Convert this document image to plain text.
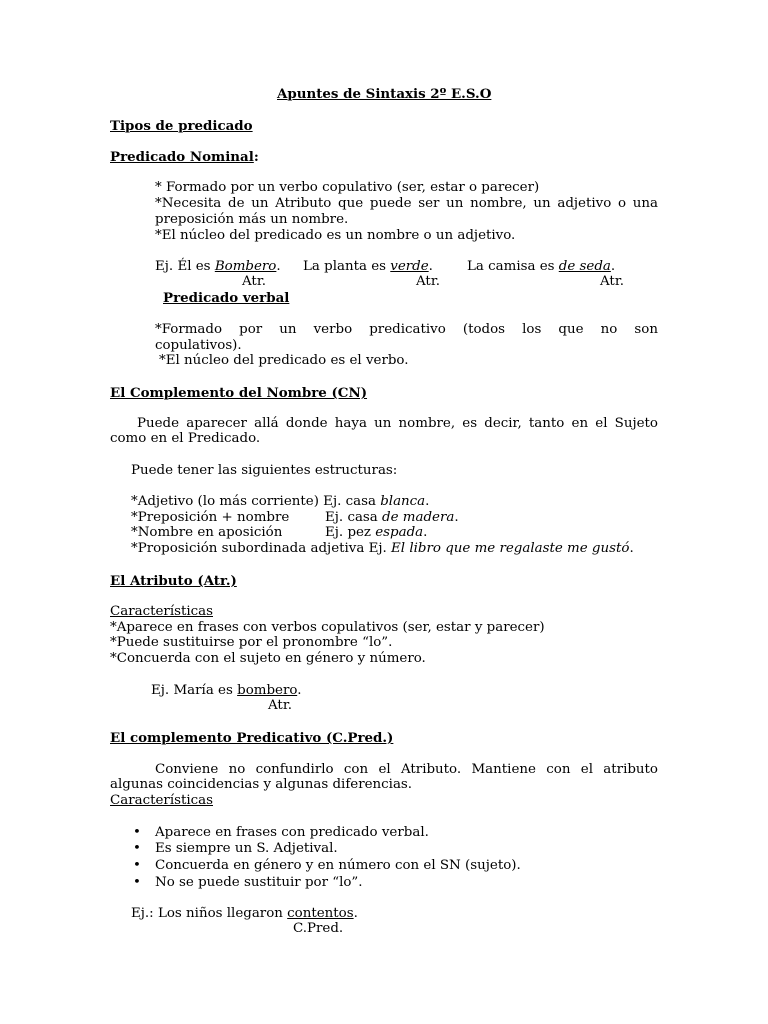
Apuntes de Sintaxis 2º E.S.O
Tipos de predicado
Predicado Nominal:
* Formado por un verbo copulativo (ser, estar o parecer)
*Necesita de un Atributo que puede ser un nombre, un adjetivo o una
preposición más un nombre.
*El núcleo del predicado es un nombre o un adjetivo.
Ej. Él es Bombero. La planta es verde.	La camisa es de seda.
Atr.	Atr.	Atr.
Predicado verbal
*Formado por un verbo predicativo (todos los que no son
copulativos).
*El núcleo del predicado es el verbo.
El Complemento del Nombre (CN)
Puede aparecer allá donde haya un nombre, es decir, tanto en el Sujeto
como en el Predicado.
Puede tener las siguientes estructuras:
*Adjetivo (lo más corriente) Ej. casa blanca.
*Preposición + nombre	Ej. casa de madera.
*Nombre en aposición	Ej. pez espada.
*Proposición subordinada adjetiva Ej. El libro que me regalaste me gustó.
El Atributo (Atr.)
Características
*Aparece en frases con verbos copulativos (ser, estar y parecer)
*Puede sustituirse por el pronombre “lo”.
*Concuerda con el sujeto en género y número.
Ej. María es bombero.
Atr.
El complemento Predicativo (C.Pred.)
Conviene no confundirlo con el Atributo. Mantiene con el atributo
algunas coincidencias y algunas diferencias.
Características
• Aparece en frases con predicado verbal.
• Es siempre un S. Adjetival.
• Concuerda en género y en número con el SN (sujeto).
• No se puede sustituir por “lo”.
Ej.: Los niños llegaron contentos.
C.Pred.
